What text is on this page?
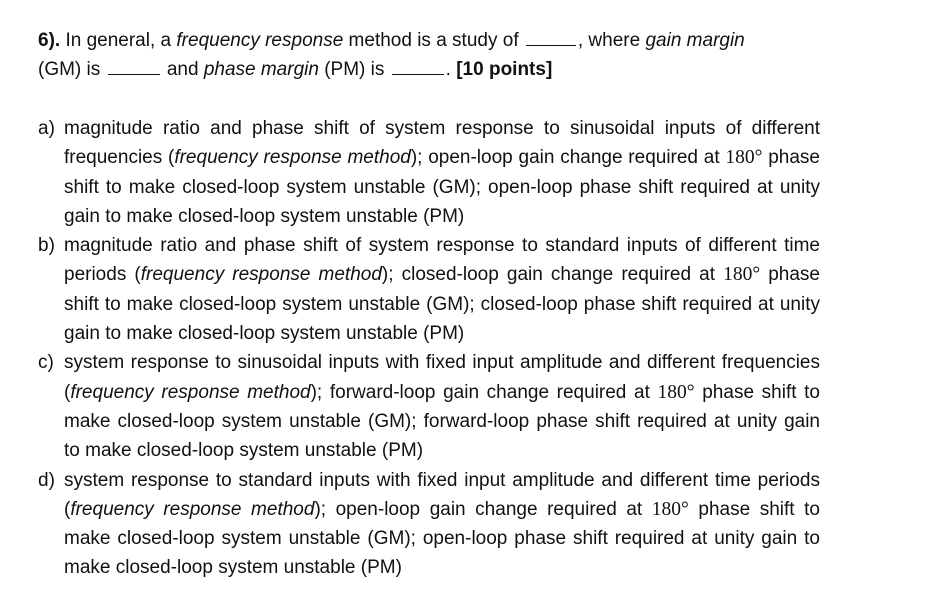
6). In general, a frequency response method is a study of	, where gain margin
(GM) is	and phase margin (PM) is	. [10 points]
a) magnitude ratio and phase shift of system response to sinusoidal inputs of different frequencies (frequency response method); open-loop gain change required at 180° phase shift to make closed-loop system unstable (GM); open-loop phase shift required at unity gain to make closed-loop system unstable (PM)
b) magnitude ratio and phase shift of system response to standard inputs of different time periods (frequency response method); closed-loop gain change required at 180° phase shift to make closed-loop system unstable (GM); closed-loop phase shift required at unity gain to make closed-loop system unstable (PM)
c) system response to sinusoidal inputs with fixed input amplitude and different frequencies (frequency response method); forward-loop gain change required at 180° phase shift to make closed-loop system unstable (GM); forward-loop phase shift required at unity gain to make closed-loop system unstable (PM)
d) system response to standard inputs with fixed input amplitude and different time periods (frequency response method); open-loop gain change required at 180° phase shift to make closed-loop system unstable (GM); open-loop phase shift required at unity gain to make closed-loop system unstable (PM)
